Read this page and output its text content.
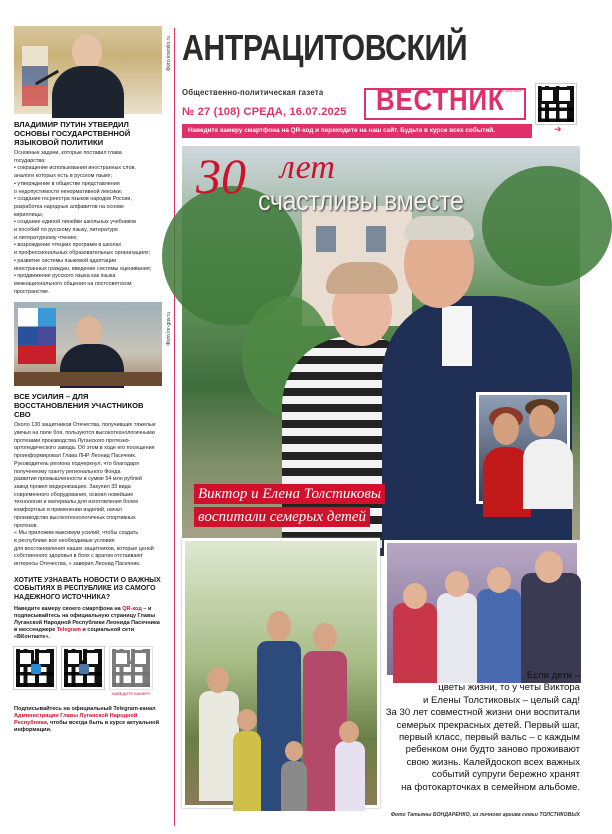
Фото kremlin.ru
ВЛАДИМИР ПУТИН УТВЕРДИЛ ОСНОВЫ ГОСУДАРСТВЕННОЙ ЯЗЫКОВОЙ ПОЛИТИКИ

Основные задачи, которые поставил глава

государства:

• сокращение использования иностранных слов,

аналоги которых есть в русском языке;

• утверждение в обществе представления

о недопустимости ненормативной лексики;

• создание госреестра языков народов России,

разработка народных алфавитов на основе

кириллицы;

• создание единой линейки школьных учебников

и пособий по русскому языку, литературе

и литературному чтению;

• возрождение чтецких программ в школах

и профессиональных образовательных организациях;

• развитие системы языковой адаптации

иностранных граждан, введение системы оценивания;

• продвижение русского языка как языка

межнационального общения на постсоветском

пространстве.

Фото lnr-gov.ru
ВСЕ УСИЛИЯ – ДЛЯ ВОССТАНОВЛЕНИЯ УЧАСТНИКОВ СВО

Около 130 защитников Отечества, получивших тяжелые

увечья на поле боя, пользуются высокотехнологичными

протезами производства Луганского протезно-

ортопедического завода. Об этом в ходе его посещения

проинформировал Глава ЛНР Леонид Пасечник.

Руководитель региона подчеркнул, что благодаря

полученному гранту регионального Фонда

развития промышленности в сумме 54 млн рублей

завод провел модернизацию. Закупил 33 вида

современного оборудования, освоил новейшие

технологии и материалы для изготовления более

комфортных в применении изделий, начал

производство высокотехнологичных спортивных

протезов.

« Мы приложим максимум усилий, чтобы создать

в республике все необходимые условия

для восстановления наших защитников, которые ценой

собственного здоровья в боях с врагом отстаивают

интересы Отечества, » заверил Леонид Пасечник.

ХОТИТЕ УЗНАВАТЬ НОВОСТИ О ВАЖНЫХ СОБЫТИЯХ В РЕСПУБЛИКЕ ИЗ САМОГО НАДЕЖНОГО ИСТОЧНИКА?
Наведите камеру своего смартфона на QR-код – и подписывайтесь на официальную страницу Главы Луганской Народной Республики Леонида Пасечника в мессенджере Telegram и социальной сети «ВКонтакте».
НАВЕДИТЕ КАМЕРУ
Подписывайтесь на официальный Telegram-канал Администрации Главы Луганской Народной Республики, чтобы всегда быть в курсе актуальной информации.
АНТРАЦИТОВСКИЙ
Общественно-политическая газета ВЕСТНИК
ЛУГАНСКАЯ
№ 27 (108) СРЕДА, 16.07.2025
➜
Наведите камеру смартфона на QR-код и переходите на наш сайт. Будьте в курсе всех событий.
30 лет
счастливы вместе
Виктор и Елена Толстиковы
воспитали семерых детей

Если дети –

цветы жизни, то у четы Виктора

и Елены Толстиковых – целый сад!

За 30 лет совместной жизни они воспитали

семерых прекрасных детей. Первый шаг,

первый класс, первый вальс – с каждым

ребенком они будто заново проживают

свою жизнь. Калейдоскоп всех важных

событий супруги бережно хранят

на фотокарточках в семейном альбоме.

Фото Татьяны БОНДАРЕНКО, из личного архива семьи ТОЛСТИКОВЫХ
